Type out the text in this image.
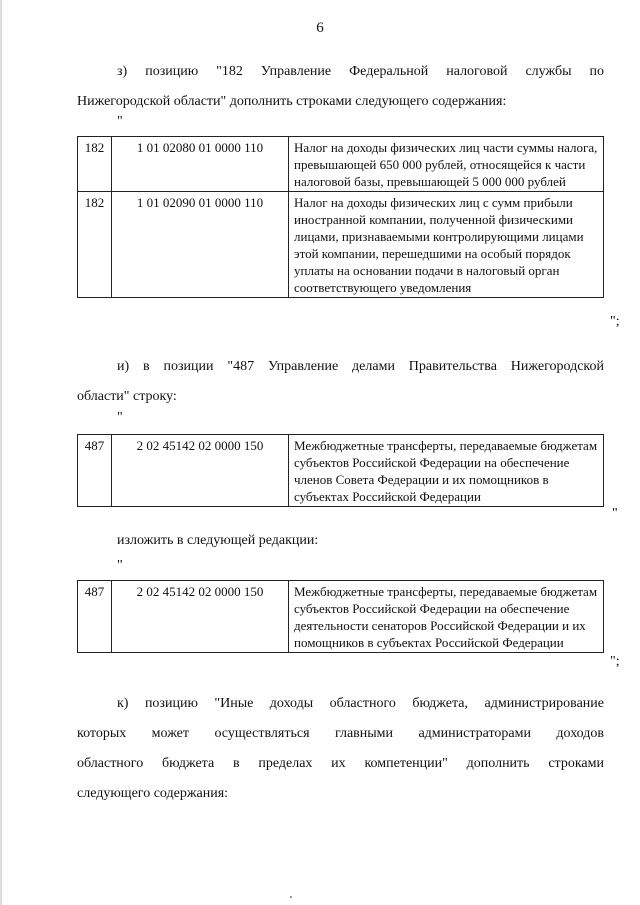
6

з) позицию "182 Управление Федеральной налоговой службы по
Нижегородской области" дополнить строками следующего содержания:

"
182	1 01 02080 01 0000 110	Налог на доходы физических лиц части суммы налога, превышающей 650 000 рублей, относящейся к части налоговой базы, превышающей 5 000 000 рублей
182	1 01 02090 01 0000 110	Налог на доходы физических лиц с сумм прибыли иностранной компании, полученной физическими лицами, признаваемыми контролирующими лицами этой компании, перешедшими на особый порядок уплаты на основании подачи в налоговый орган соответствующего уведомления
";

и) в позиции "487 Управление делами Правительства Нижегородской
области" строку:

"
487	2 02 45142 02 0000 150	Межбюджетные трансферты, передаваемые бюджетам субъектов Российской Федерации на обеспечение членов Совета Федерации и их помощников в субъектах Российской Федерации
"
изложить в следующей редакции:
"
487	2 02 45142 02 0000 150	Межбюджетные трансферты, передаваемые бюджетам субъектов Российской Федерации на обеспечение деятельности сенаторов Российской Федерации и их помощников в субъектах Российской Федерации
";

к) позицию "Иные доходы областного бюджета, администрирование
которых может осуществляться главными администраторами доходов
областного бюджета в пределах их компетенции" дополнить строками
следующего содержания:
